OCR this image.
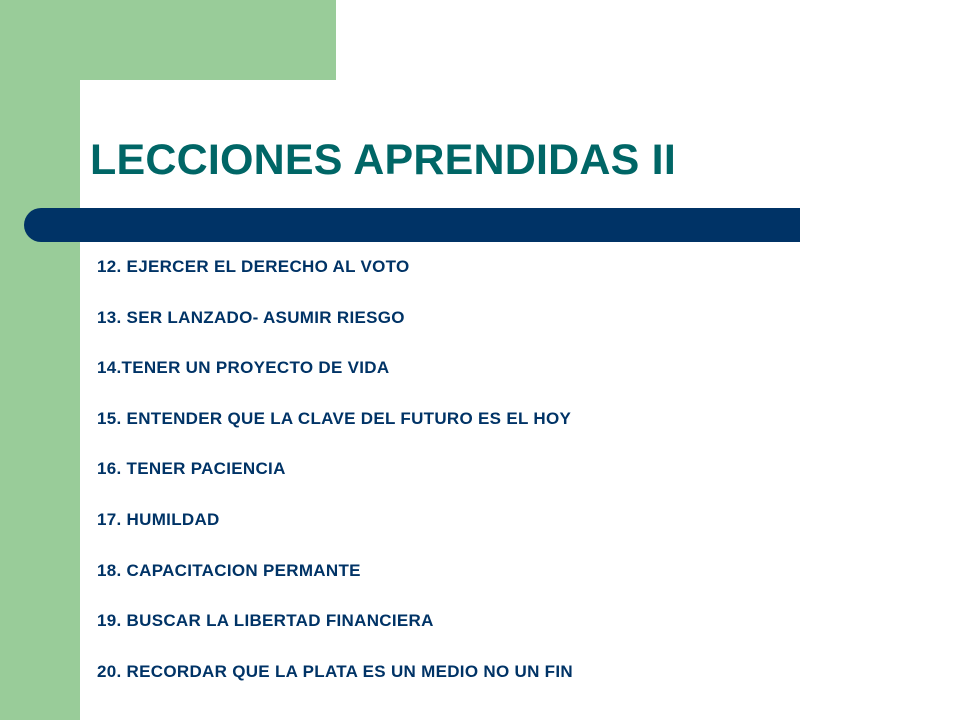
LECCIONES APRENDIDAS II
12. EJERCER EL DERECHO AL VOTO
13. SER LANZADO- ASUMIR RIESGO
14.TENER UN PROYECTO DE VIDA
15. ENTENDER QUE LA CLAVE DEL FUTURO ES EL HOY
16. TENER PACIENCIA
17. HUMILDAD
18. CAPACITACION PERMANTE
19. BUSCAR LA LIBERTAD FINANCIERA
20. RECORDAR QUE LA PLATA ES UN MEDIO NO UN FIN
